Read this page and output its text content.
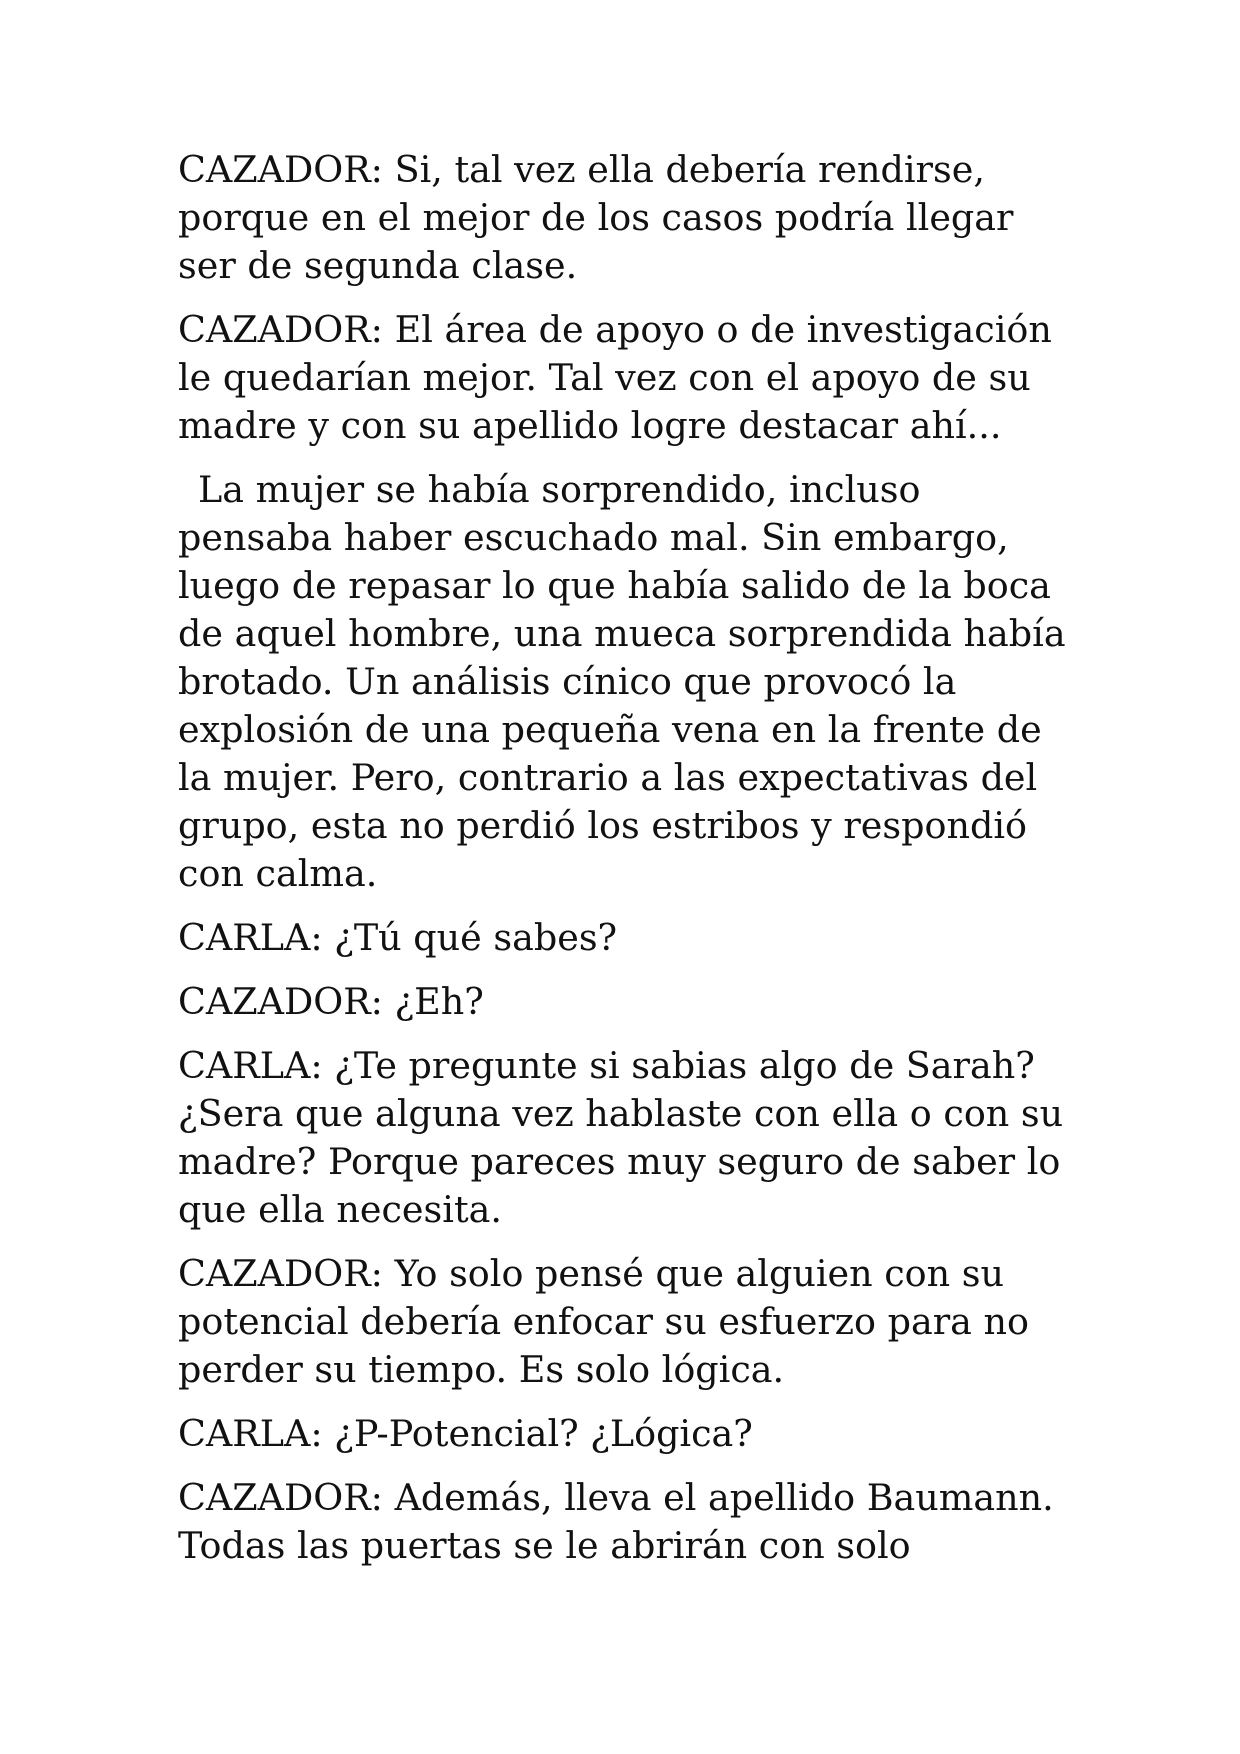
CAZADOR: Si, tal vez ella debería rendirse,
porque en el mejor de los casos podría llegar
ser de segunda clase.

CAZADOR: El área de apoyo o de investigación
le quedarían mejor. Tal vez con el apoyo de su
madre y con su apellido logre destacar ahí...

La mujer se había sorprendido, incluso
pensaba haber escuchado mal. Sin embargo,
luego de repasar lo que había salido de la boca
de aquel hombre, una mueca sorprendida había
brotado. Un análisis cínico que provocó la
explosión de una pequeña vena en la frente de
la mujer. Pero, contrario a las expectativas del
grupo, esta no perdió los estribos y respondió
con calma.

CARLA: ¿Tú qué sabes?

CAZADOR: ¿Eh?

CARLA: ¿Te pregunte si sabias algo de Sarah?
¿Sera que alguna vez hablaste con ella o con su
madre? Porque pareces muy seguro de saber lo
que ella necesita.

CAZADOR: Yo solo pensé que alguien con su
potencial debería enfocar su esfuerzo para no
perder su tiempo. Es solo lógica.

CARLA: ¿P-Potencial? ¿Lógica?

CAZADOR: Además, lleva el apellido Baumann.
Todas las puertas se le abrirán con solo
